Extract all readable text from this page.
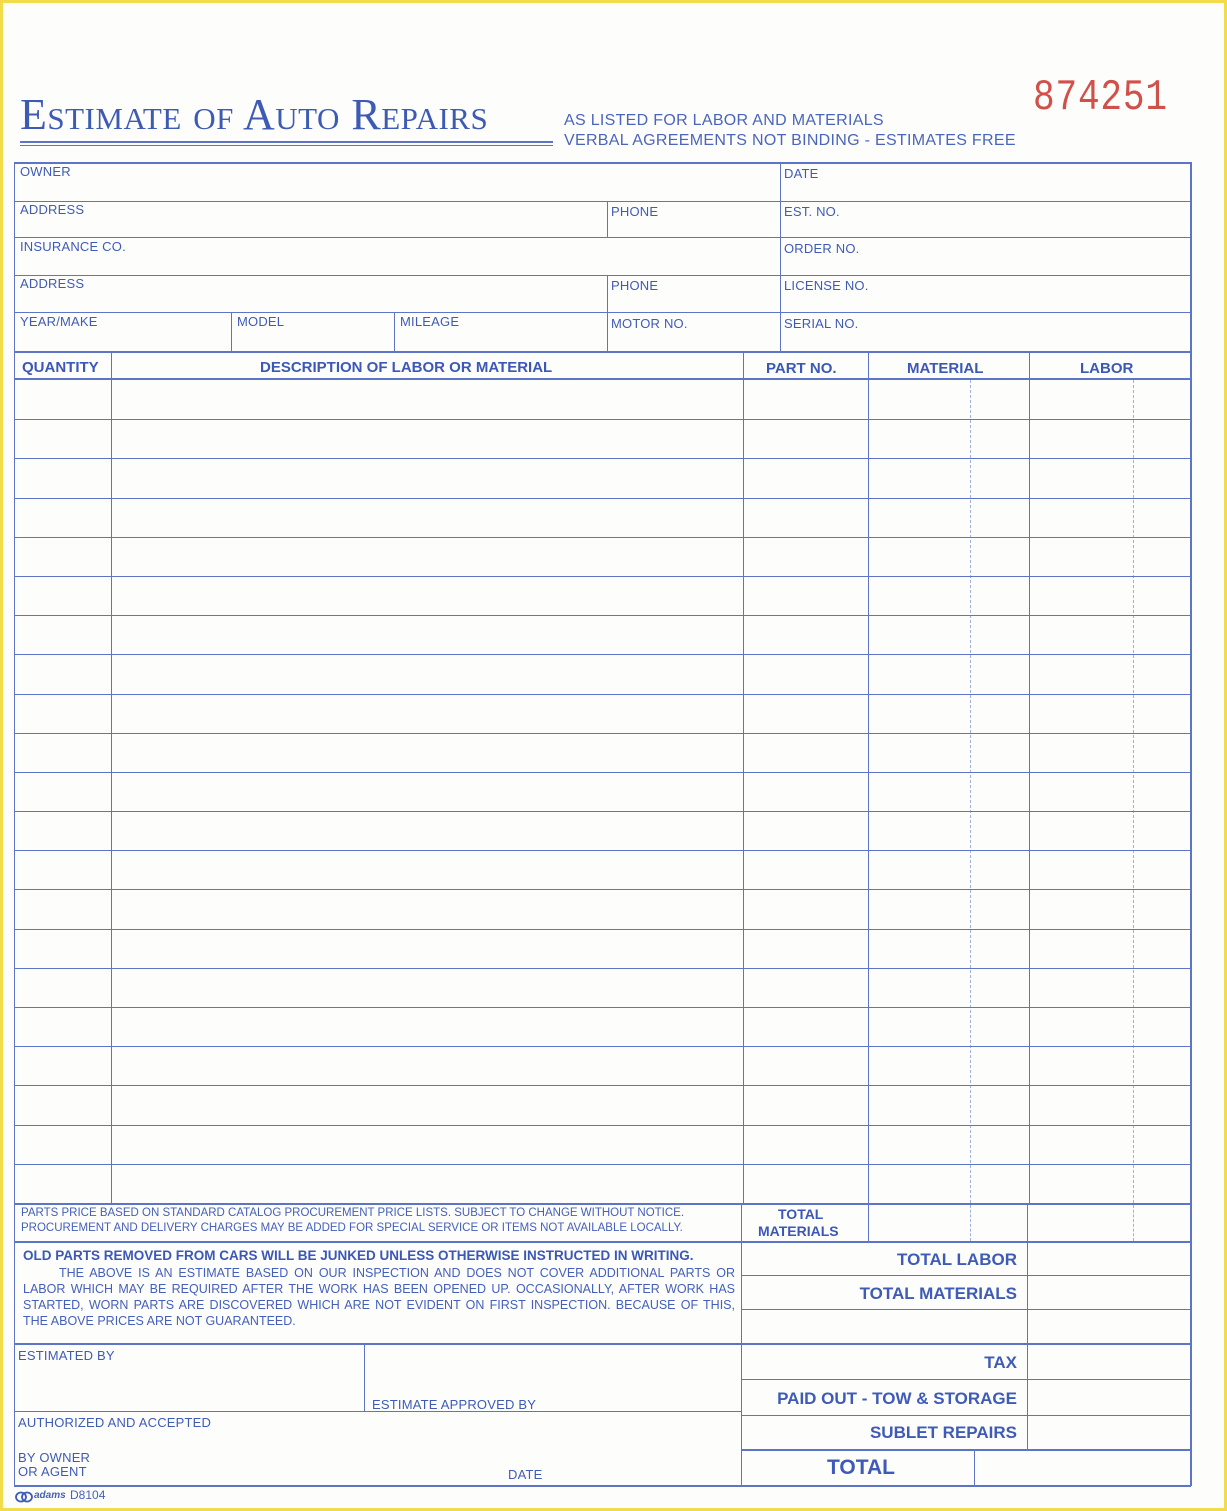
Estimate of Auto Repairs	AS LISTED FOR LABOR AND MATERIALS
VERBAL AGREEMENTS NOT BINDING - ESTIMATES FREE
874251
OWNER	DATE
ADDRESS	PHONE	EST. NO.
INSURANCE CO.	ORDER NO.
ADDRESS	PHONE	LICENSE NO.
YEAR/MAKE	MODEL	MILEAGE	MOTOR NO.	SERIAL NO.
QUANTITY	DESCRIPTION OF LABOR OR MATERIAL	PART NO.	MATERIAL	LABOR
PARTS PRICE BASED ON STANDARD CATALOG PROCUREMENT PRICE LISTS. SUBJECT TO CHANGE WITHOUT NOTICE.
PROCUREMENT AND DELIVERY CHARGES MAY BE ADDED FOR SPECIAL SERVICE OR ITEMS NOT AVAILABLE LOCALLY.
TOTAL
MATERIALS
OLD PARTS REMOVED FROM CARS WILL BE JUNKED UNLESS OTHERWISE INSTRUCTED IN WRITING.
THE ABOVE IS AN ESTIMATE BASED ON OUR INSPECTION AND DOES NOT COVER ADDITIONAL PARTS OR LABOR WHICH MAY BE REQUIRED AFTER THE WORK HAS BEEN OPENED UP. OCCASIONALLY, AFTER WORK HAS STARTED, WORN PARTS ARE DISCOVERED WHICH ARE NOT EVIDENT ON FIRST INSPECTION. BECAUSE OF THIS, THE ABOVE PRICES ARE NOT GUARANTEED.
TOTAL LABOR
TOTAL MATERIALS
TAX
PAID OUT - TOW & STORAGE
SUBLET REPAIRS
TOTAL
ESTIMATED BY
ESTIMATE APPROVED BY
AUTHORIZED AND ACCEPTED
BY OWNER
OR AGENT	DATE
adams D8104
